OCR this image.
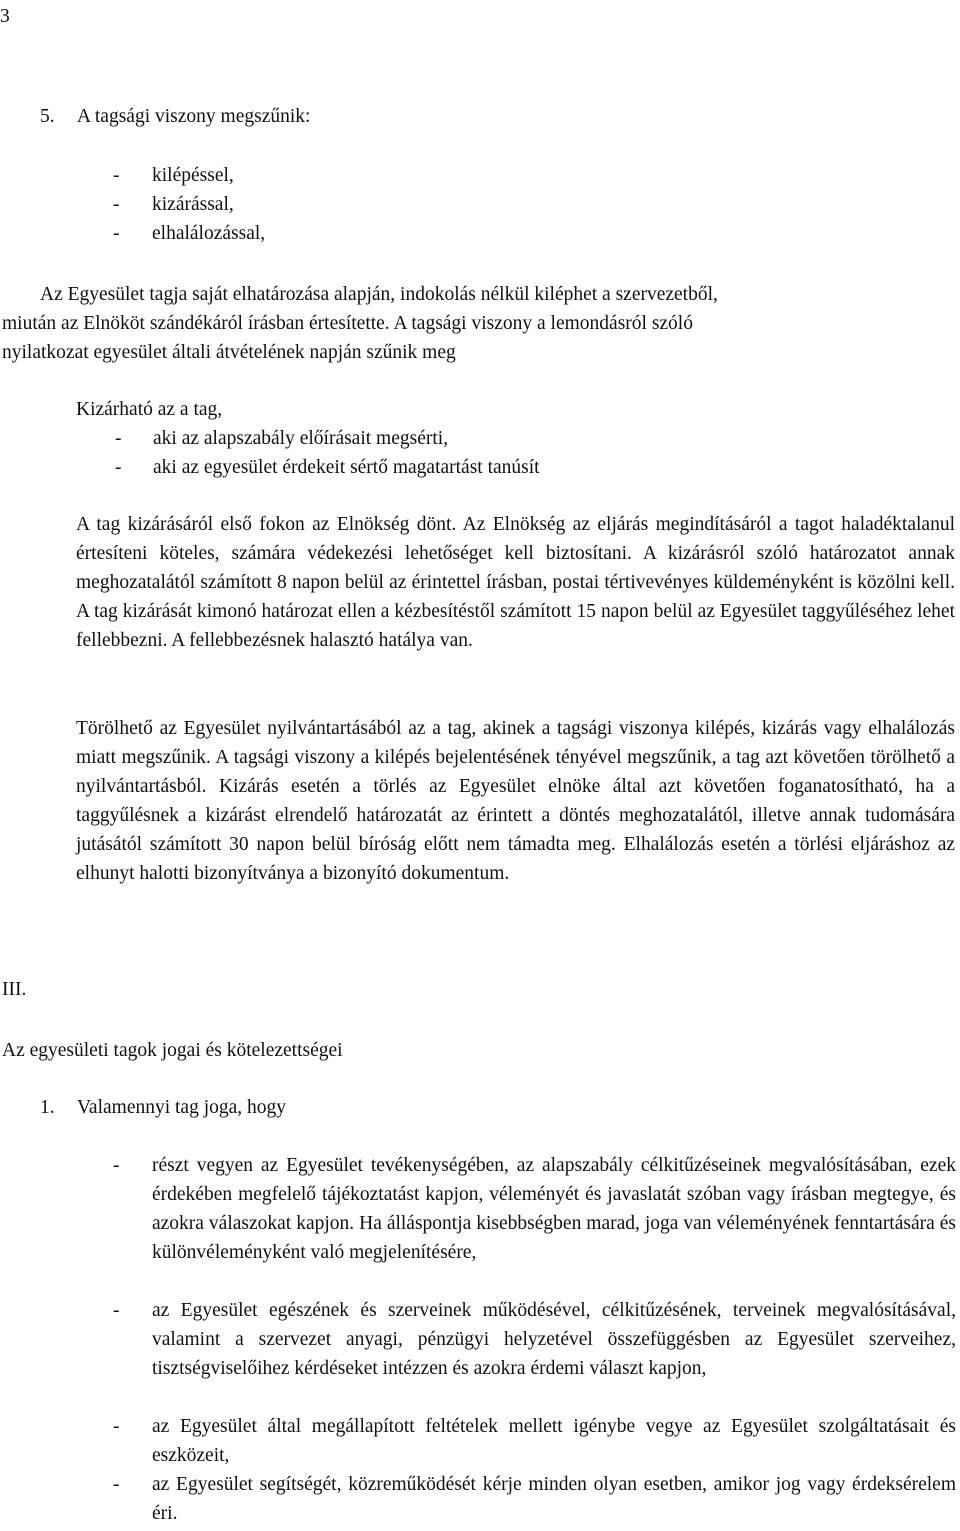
3
5. A tagsági viszony megszűnik:
-	kilépéssel,
-	kizárással,
-	elhalálozással,
Az Egyesület tagja saját elhatározása alapján, indokolás nélkül kiléphet a szervezetből,
miután az Elnököt szándékáról írásban értesítette. A tagsági viszony a lemondásról szóló
nyilatkozat egyesület általi átvételének napján szűnik meg
Kizárható az a tag,
-	aki az alapszabály előírásait megsérti,
-	aki az egyesület érdekeit sértő magatartást tanúsít
A tag kizárásáról első fokon az Elnökség dönt. Az Elnökség az eljárás megindításáról a tagot haladéktalanul értesíteni köteles, számára védekezési lehetőséget kell biztosítani. A kizárásról szóló határozatot annak meghozatalától számított 8 napon belül az érintettel írásban, postai tértivevényes küldeményként is közölni kell. A tag kizárását kimonó határozat ellen a kézbesítéstől számított 15 napon belül az Egyesület taggyűléséhez lehet fellebbezni. A fellebbezésnek halasztó hatálya van.
Törölhető az Egyesület nyilvántartásából az a tag, akinek a tagsági viszonya kilépés, kizárás vagy elhalálozás miatt megszűnik. A tagsági viszony a kilépés bejelentésének tényével megszűnik, a tag azt követően törölhető a nyilvántartásból. Kizárás esetén a törlés az Egyesület elnöke által azt követően foganatosítható, ha a taggyűlésnek a kizárást elrendelő határozatát az érintett a döntés meghozatalától, illetve annak tudomására jutásától számított 30 napon belül bíróság előtt nem támadta meg. Elhalálozás esetén a törlési eljáráshoz az elhunyt halotti bizonyítványa a bizonyító dokumentum.
III.
Az egyesületi tagok jogai és kötelezettségei
1. Valamennyi tag joga, hogy
-	részt vegyen az Egyesület tevékenységében, az alapszabály célkitűzéseinek megvalósításában, ezek érdekében megfelelő tájékoztatást kapjon, véleményét és javaslatát szóban vagy írásban megtegye, és azokra válaszokat kapjon. Ha álláspontja kisebbségben marad, joga van véleményének fenntartására és különvéleményként való megjelenítésére,
-	az Egyesület egészének és szerveinek működésével, célkitűzésének, terveinek megvalósításával, valamint a szervezet anyagi, pénzügyi helyzetével összefüggésben az Egyesület szerveihez, tisztségviselőihez kérdéseket intézzen és azokra érdemi választ kapjon,
-	az Egyesület által megállapított feltételek mellett igénybe vegye az Egyesület szolgáltatásait és eszközeit,
-	az Egyesület segítségét, közreműködését kérje minden olyan esetben, amikor jog vagy érdeksérelem éri.
